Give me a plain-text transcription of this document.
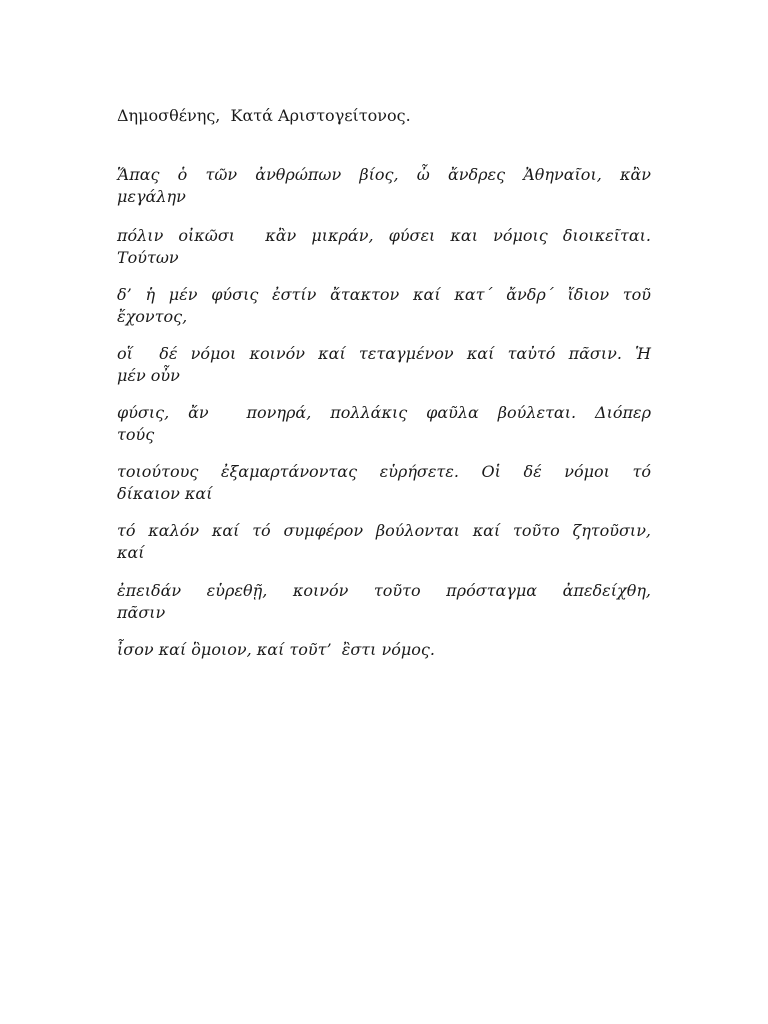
Δημοσθένης,  Κατά Αριστογείτονος.
Ἅπας ὁ τῶν ἀνθρώπων βίος, ὦ ἄνδρες Ἀθηναῖοι, κἂν
μεγάλην
πόλιν οἰκῶσι  κἂν μικράν, φύσει και νόμοις διοικεῖται.
Τούτων
δ’ ἡ μέν φύσις ἐστίν ἄτακτον καί κατ´ ἄνδρ´ ἴδιον τοῦ
ἔχοντος,
οἵ  δέ νόμοι κοινόν καί τεταγμένον καί ταὐτό πᾶσιν. Ἡ
μέν οὖν
φύσις, ἄν  πονηρά, πολλάκις φαῦλα βούλεται. Διόπερ
τούς
τοιούτους ἐξαμαρτάνοντας εὑρήσετε. Οἱ δέ νόμοι τό
δίκαιον καί
τό καλόν καί τό συμφέρον βούλονται καί τοῦτο ζητοῦσιν,
καί
ἐπειδάν εὑρεθῇ, κοινόν τοῦτο πρόσταγμα ἀπεδείχθη,
πᾶσιν
ἶσον καί ὃμοιον, καί τοῦτ’  ἒστι νόμος.
